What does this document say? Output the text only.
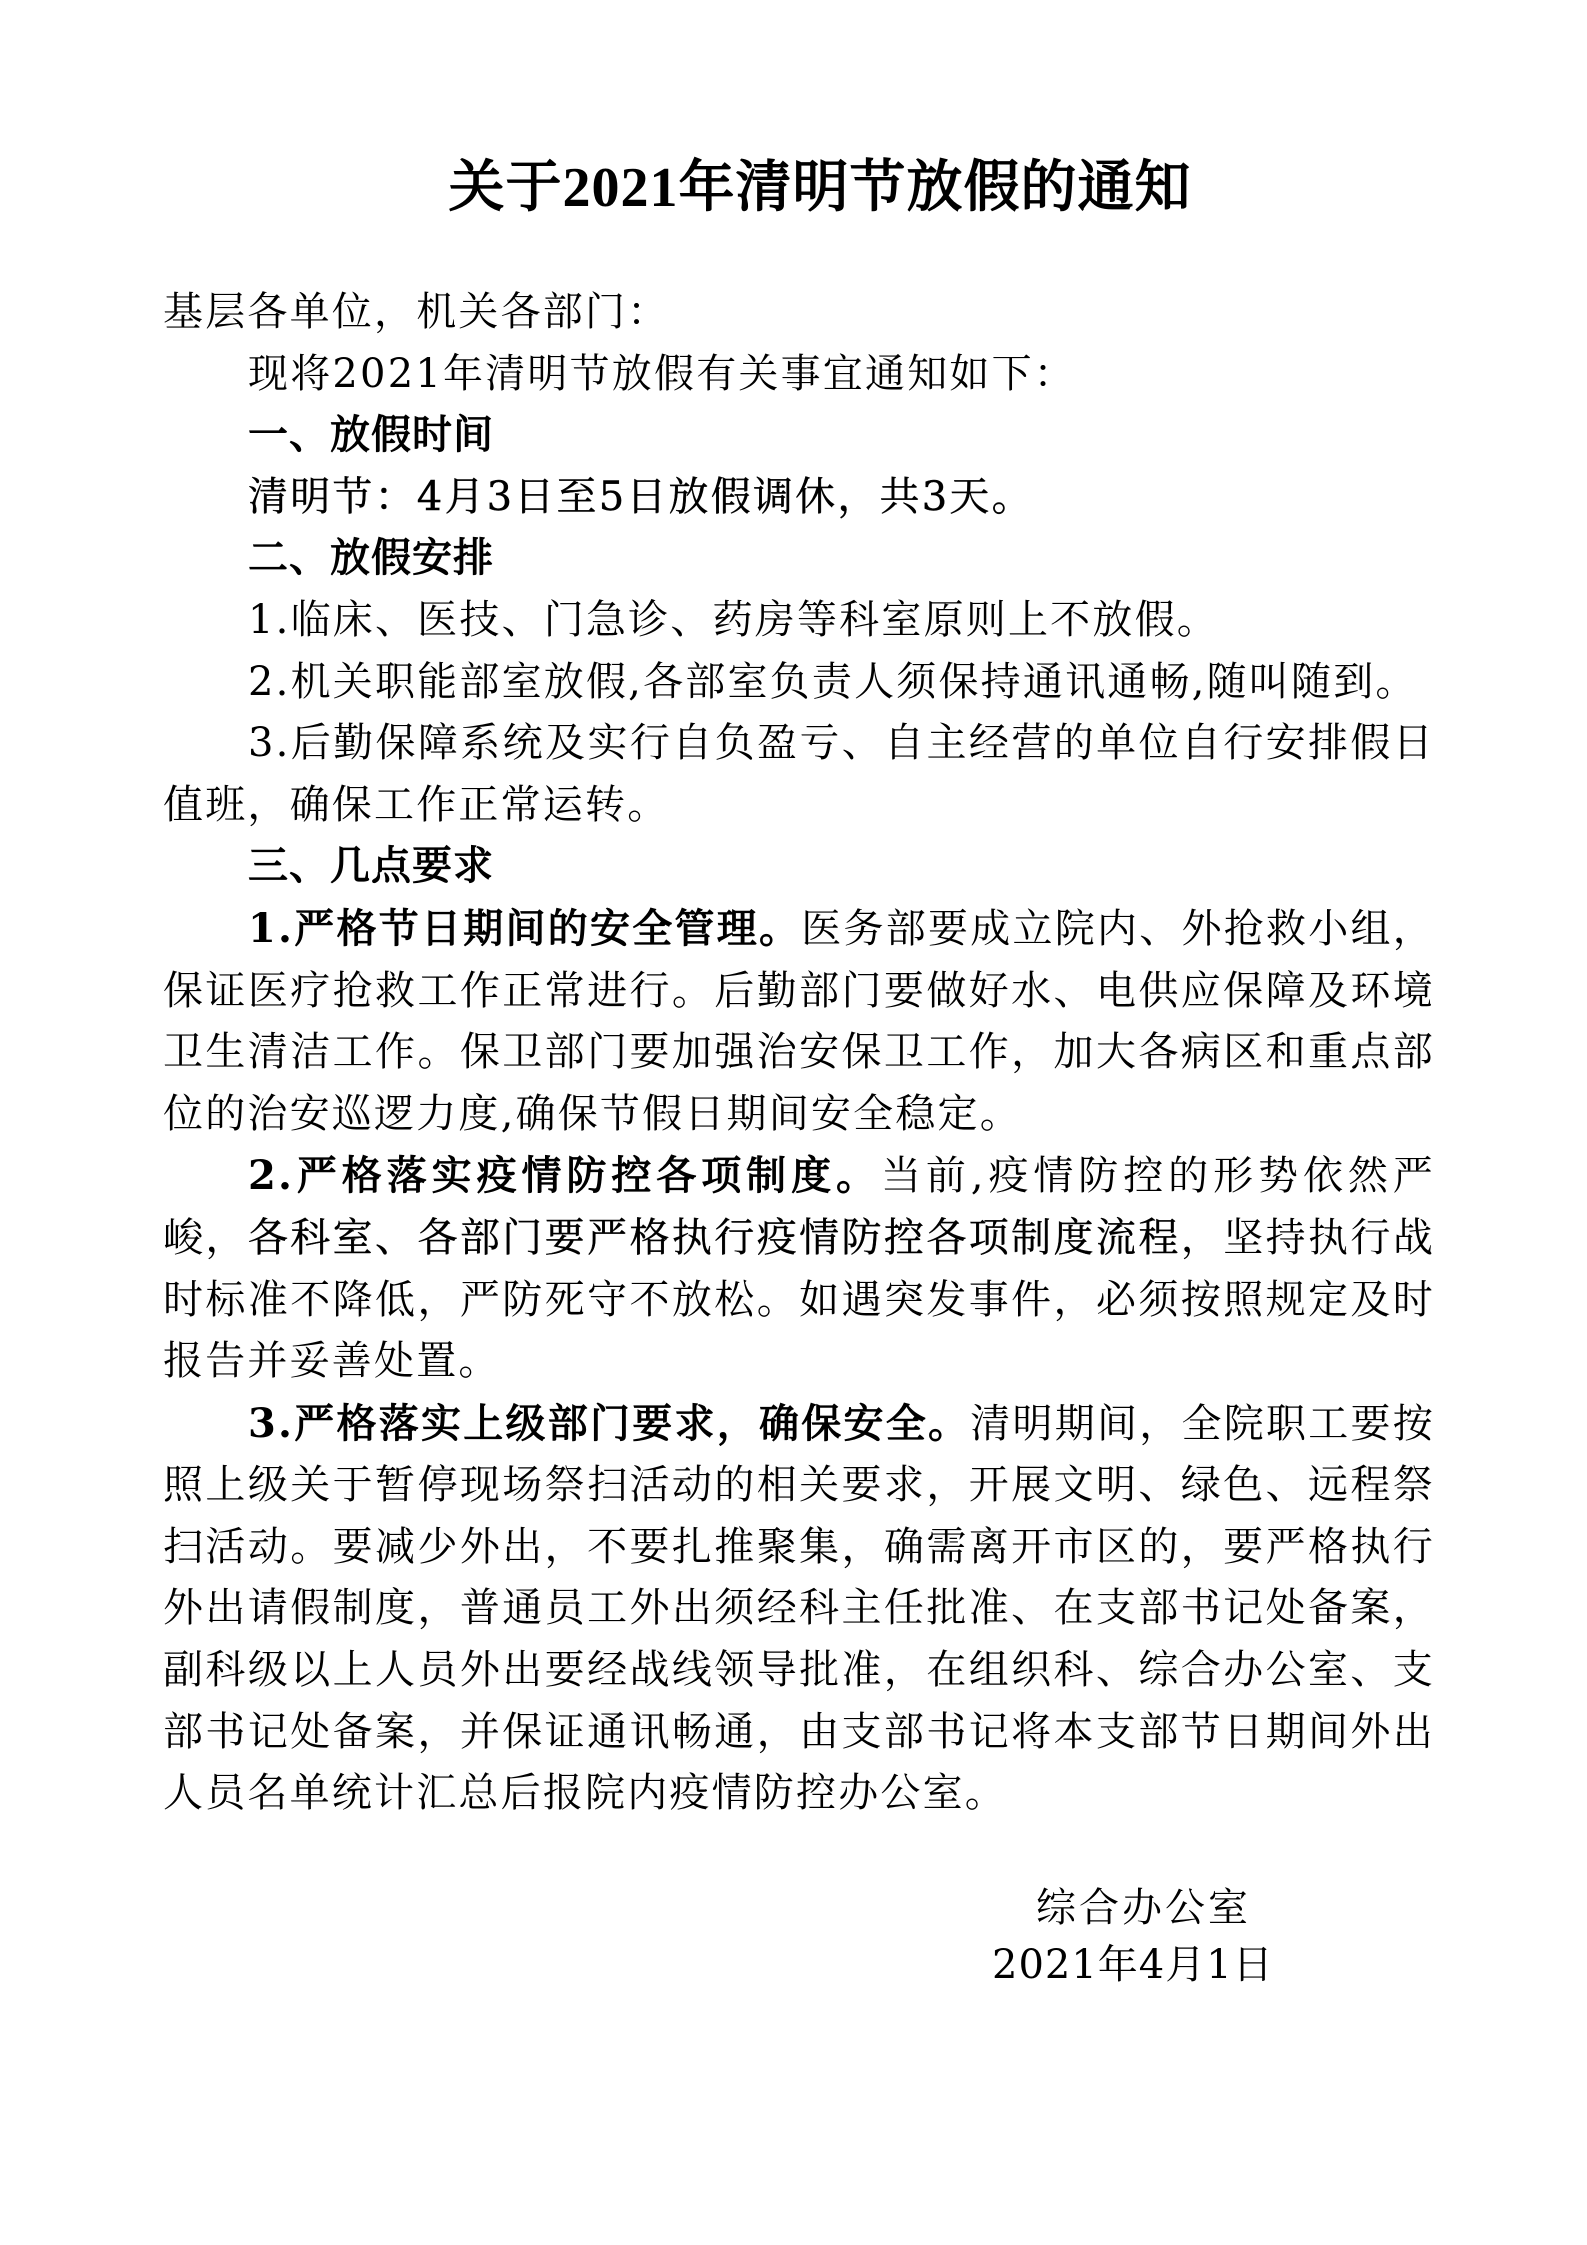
关于2021年清明节放假的通知

基层各单位，机关各部门：

现将2021年清明节放假有关事宜通知如下：

一、放假时间

清明节：4月3日至5日放假调休，共3天。

二、放假安排

1.临床、医技、门急诊、药房等科室原则上不放假。

2.机关职能部室放假,各部室负责人须保持通讯通畅,随叫随到。

3.后勤保障系统及实行自负盈亏、自主经营的单位自行安排假日值班，确保工作正常运转。

三、几点要求

1.严格节日期间的安全管理。医务部要成立院内、外抢救小组，保证医疗抢救工作正常进行。后勤部门要做好水、电供应保障及环境卫生清洁工作。保卫部门要加强治安保卫工作，加大各病区和重点部位的治安巡逻力度,确保节假日期间安全稳定。

2.严格落实疫情防控各项制度。当前,疫情防控的形势依然严峻，各科室、各部门要严格执行疫情防控各项制度流程，坚持执行战时标准不降低，严防死守不放松。如遇突发事件，必须按照规定及时报告并妥善处置。

3.严格落实上级部门要求，确保安全。清明期间，全院职工要按照上级关于暂停现场祭扫活动的相关要求，开展文明、绿色、远程祭扫活动。要减少外出，不要扎推聚集，确需离开市区的，要严格执行外出请假制度，普通员工外出须经科主任批准、在支部书记处备案，副科级以上人员外出要经战线领导批准，在组织科、综合办公室、支部书记处备案，并保证通讯畅通，由支部书记将本支部节日期间外出人员名单统计汇总后报院内疫情防控办公室。

综合办公室
2021年4月1日
